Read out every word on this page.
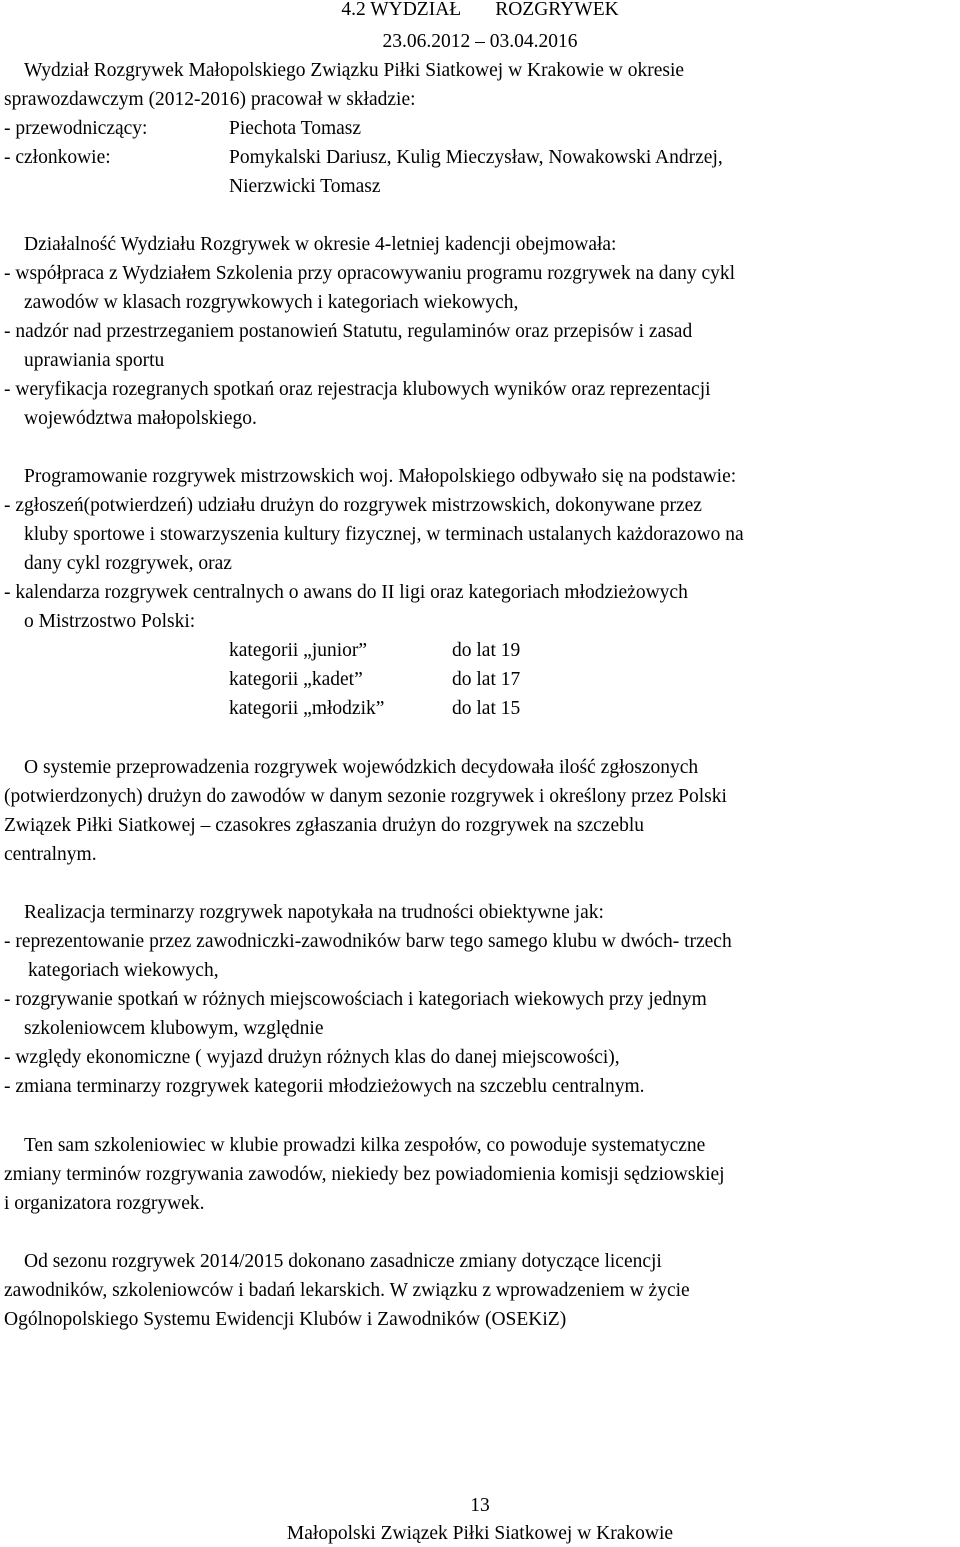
4.2 WYDZIAŁ ROZGRYWEK
23.06.2012 – 03.04.2016
Wydział Rozgrywek Małopolskiego Związku Piłki Siatkowej w Krakowie w okresie
sprawozdawczym (2012-2016) pracował w składzie:
- przewodniczący:	Piechota Tomasz
- członkowie:	Pomykalski Dariusz, Kulig Mieczysław, Nowakowski Andrzej,
Nierzwicki Tomasz
Działalność Wydziału Rozgrywek w okresie 4-letniej kadencji obejmowała:
- współpraca z Wydziałem Szkolenia przy opracowywaniu programu rozgrywek na dany cykl
zawodów w klasach rozgrywkowych i kategoriach wiekowych,
- nadzór nad przestrzeganiem postanowień Statutu, regulaminów oraz przepisów i zasad
uprawiania sportu
- weryfikacja rozegranych spotkań oraz rejestracja klubowych wyników oraz reprezentacji
województwa małopolskiego.
Programowanie rozgrywek mistrzowskich woj. Małopolskiego odbywało się na podstawie:
- zgłoszeń(potwierdzeń) udziału drużyn do rozgrywek mistrzowskich, dokonywane przez
kluby sportowe i stowarzyszenia kultury fizycznej, w terminach ustalanych każdorazowo na
dany cykl rozgrywek, oraz
- kalendarza rozgrywek centralnych o awans do II ligi oraz kategoriach młodzieżowych
o Mistrzostwo Polski:
kategorii „junior”	do lat 19
kategorii „kadet”	do lat 17
kategorii „młodzik”	do lat 15
O systemie przeprowadzenia rozgrywek wojewódzkich decydowała ilość zgłoszonych
(potwierdzonych) drużyn do zawodów w danym sezonie rozgrywek i określony przez Polski
Związek Piłki Siatkowej – czasokres zgłaszania drużyn do rozgrywek na szczeblu
centralnym.
Realizacja terminarzy rozgrywek napotykała na trudności obiektywne jak:
- reprezentowanie przez zawodniczki-zawodników barw tego samego klubu w dwóch- trzech
kategoriach wiekowych,
- rozgrywanie spotkań w różnych miejscowościach i kategoriach wiekowych przy jednym
szkoleniowcem klubowym, względnie
- względy ekonomiczne ( wyjazd drużyn różnych klas do danej miejscowości),
- zmiana terminarzy rozgrywek kategorii młodzieżowych na szczeblu centralnym.
Ten sam szkoleniowiec w klubie prowadzi kilka zespołów, co powoduje systematyczne
zmiany terminów rozgrywania zawodów, niekiedy bez powiadomienia komisji sędziowskiej
i organizatora rozgrywek.
Od sezonu rozgrywek 2014/2015 dokonano zasadnicze zmiany dotyczące licencji
zawodników, szkoleniowców i badań lekarskich. W związku z wprowadzeniem w życie
Ogólnopolskiego Systemu Ewidencji Klubów i Zawodników (OSEKiZ)
13
Małopolski Związek Piłki Siatkowej w Krakowie
